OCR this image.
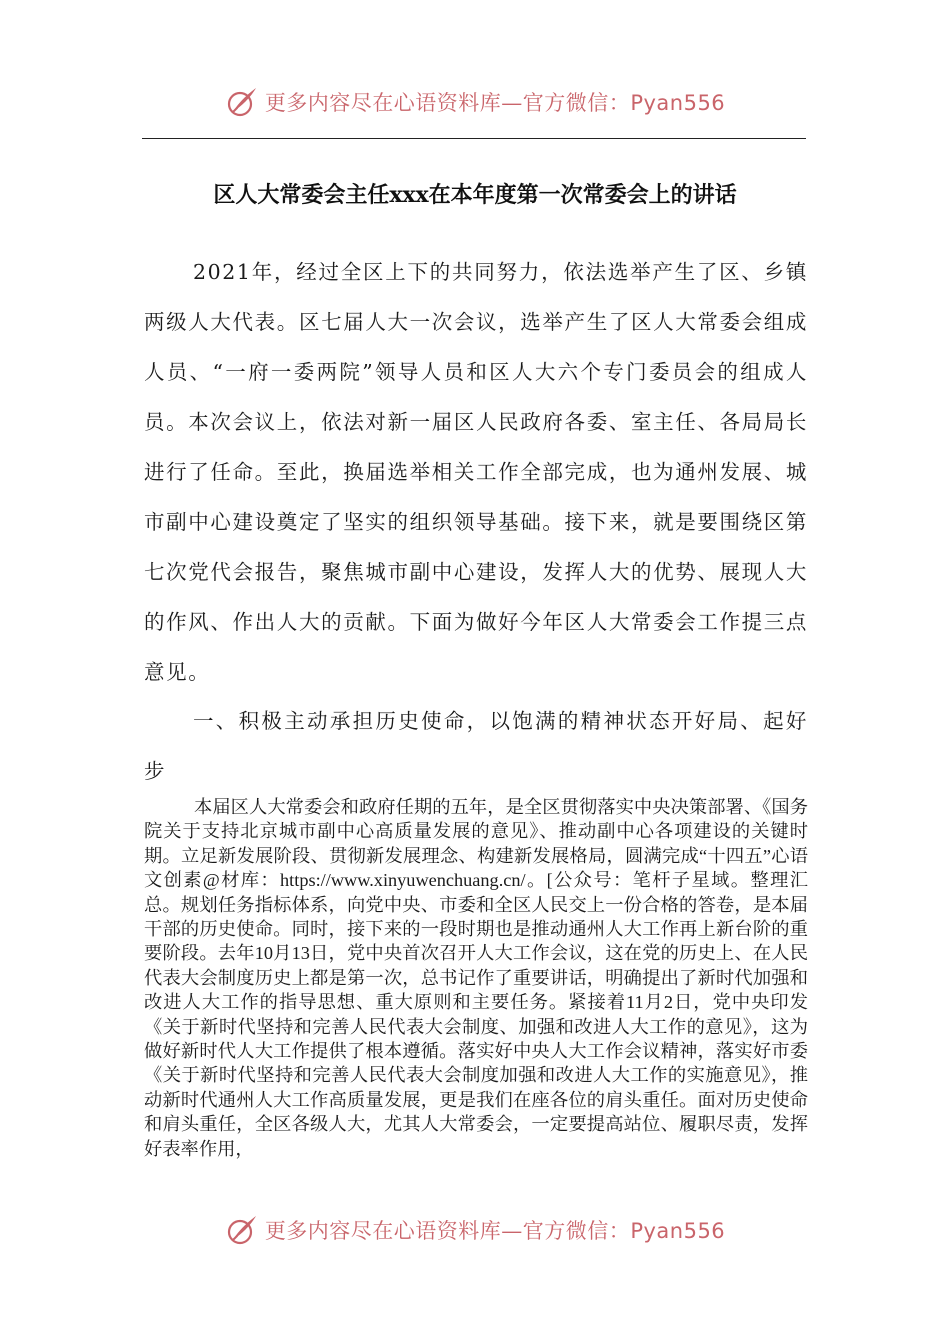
更多内容尽在心语资料库—官方微信：Pyan556
区人大常委会主任xxx在本年度第一次常委会上的讲话

2021年，经过全区上下的共同努力，依法选举产生了区、乡镇两级人大代表。区七届人大一次会议，选举产生了区人大常委会组成人员、“一府一委两院”领导人员和区人大六个专门委员会的组成人员。本次会议上，依法对新一届区人民政府各委、室主任、各局局长进行了任命。至此，换届选举相关工作全部完成，也为通州发展、城市副中心建设奠定了坚实的组织领导基础。接下来，就是要围绕区第七次党代会报告，聚焦城市副中心建设，发挥人大的优势、展现人大的作风、作出人大的贡献。下面为做好今年区人大常委会工作提三点意见。

一、积极主动承担历史使命，以饱满的精神状态开好局、起好步

本届区人大常委会和政府任期的五年，是全区贯彻落实中央决策部署、《国务院关于支持北京城市副中心高质量发展的意见》、推动副中心各项建设的关键时期。立足新发展阶段、贯彻新发展理念、构建新发展格局，圆满完成“十四五”心语文创素@材库：https://www.xinyuwenchuang.cn/。[公众号：笔杆子星域。整理汇总。规划任务指标体系，向党中央、市委和全区人民交上一份合格的答卷，是本届干部的历史使命。同时，接下来的一段时期也是推动通州人大工作再上新台阶的重要阶段。去年10月13日，党中央首次召开人大工作会议，这在党的历史上、在人民代表大会制度历史上都是第一次，总书记作了重要讲话，明确提出了新时代加强和改进人大工作的指导思想、重大原则和主要任务。紧接着11月2日，党中央印发《关于新时代坚持和完善人民代表大会制度、加强和改进人大工作的意见》，这为做好新时代人大工作提供了根本遵循。落实好中央人大工作会议精神，落实好市委《关于新时代坚持和完善人民代表大会制度加强和改进人大工作的实施意见》，推动新时代通州人大工作高质量发展，更是我们在座各位的肩头重任。面对历史使命和肩头重任，全区各级人大，尤其人大常委会，一定要提高站位、履职尽责，发挥好表率作用，

更多内容尽在心语资料库—官方微信：Pyan556
